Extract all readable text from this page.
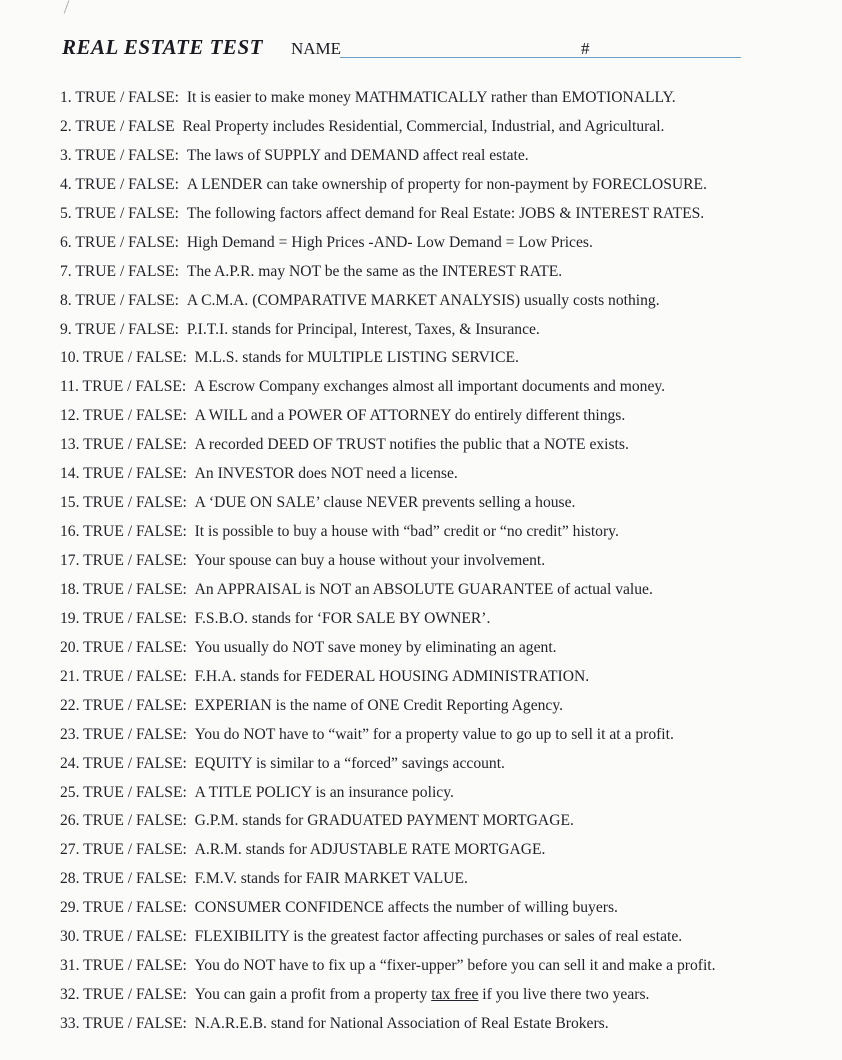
REAL ESTATE TEST NAME	#
1. TRUE / FALSE: It is easier to make money MATHMATICALLY rather than EMOTIONALLY.
2. TRUE / FALSE Real Property includes Residential, Commercial, Industrial, and Agricultural.
3. TRUE / FALSE: The laws of SUPPLY and DEMAND affect real estate.
4. TRUE / FALSE: A LENDER can take ownership of property for non-payment by FORECLOSURE.
5. TRUE / FALSE: The following factors affect demand for Real Estate: JOBS & INTEREST RATES.
6. TRUE / FALSE: High Demand = High Prices -AND- Low Demand = Low Prices.
7. TRUE / FALSE: The A.P.R. may NOT be the same as the INTEREST RATE.
8. TRUE / FALSE: A C.M.A. (COMPARATIVE MARKET ANALYSIS) usually costs nothing.
9. TRUE / FALSE: P.I.T.I. stands for Principal, Interest, Taxes, & Insurance.
10. TRUE / FALSE: M.L.S. stands for MULTIPLE LISTING SERVICE.
11. TRUE / FALSE: A Escrow Company exchanges almost all important documents and money.
12. TRUE / FALSE: A WILL and a POWER OF ATTORNEY do entirely different things.
13. TRUE / FALSE: A recorded DEED OF TRUST notifies the public that a NOTE exists.
14. TRUE / FALSE: An INVESTOR does NOT need a license.
15. TRUE / FALSE: A ‘DUE ON SALE’ clause NEVER prevents selling a house.
16. TRUE / FALSE: It is possible to buy a house with “bad” credit or “no credit” history.
17. TRUE / FALSE: Your spouse can buy a house without your involvement.
18. TRUE / FALSE: An APPRAISAL is NOT an ABSOLUTE GUARANTEE of actual value.
19. TRUE / FALSE: F.S.B.O. stands for ‘FOR SALE BY OWNER’.
20. TRUE / FALSE: You usually do NOT save money by eliminating an agent.
21. TRUE / FALSE: F.H.A. stands for FEDERAL HOUSING ADMINISTRATION.
22. TRUE / FALSE: EXPERIAN is the name of ONE Credit Reporting Agency.
23. TRUE / FALSE: You do NOT have to “wait” for a property value to go up to sell it at a profit.
24. TRUE / FALSE: EQUITY is similar to a “forced” savings account.
25. TRUE / FALSE: A TITLE POLICY is an insurance policy.
26. TRUE / FALSE: G.P.M. stands for GRADUATED PAYMENT MORTGAGE.
27. TRUE / FALSE: A.R.M. stands for ADJUSTABLE RATE MORTGAGE.
28. TRUE / FALSE: F.M.V. stands for FAIR MARKET VALUE.
29. TRUE / FALSE: CONSUMER CONFIDENCE affects the number of willing buyers.
30. TRUE / FALSE: FLEXIBILITY is the greatest factor affecting purchases or sales of real estate.
31. TRUE / FALSE: You do NOT have to fix up a “fixer-upper” before you can sell it and make a profit.
32. TRUE / FALSE: You can gain a profit from a property tax free if you live there two years.
33. TRUE / FALSE: N.A.R.E.B. stand for National Association of Real Estate Brokers.
